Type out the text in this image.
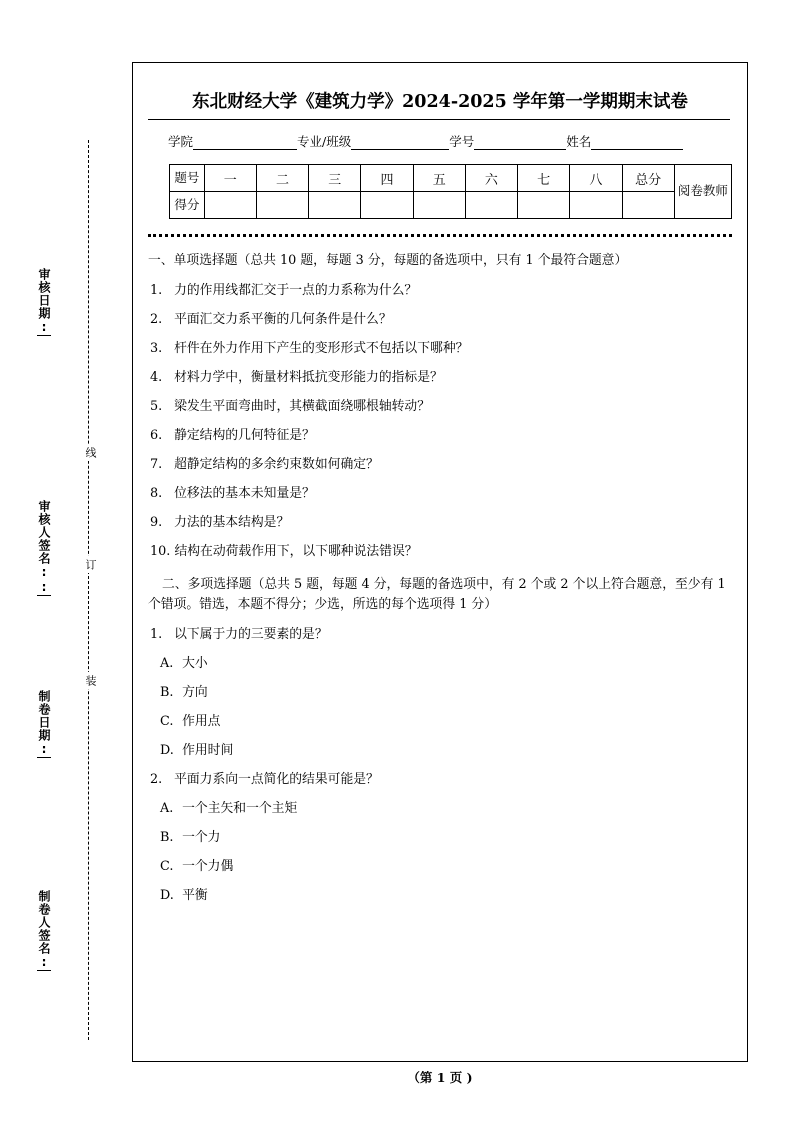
审核日期:
审核人签名::
制卷日期:
制卷人签名:
线
订
装
东北财经大学《建筑力学》2024‑2025 学年第一学期期末试卷
学院	专业/班级	学号	姓名
题号	一	二	三	四	五	六	七	八	总分	阅卷教师
得分										
一、单项选择题（总共 10 题，每题 3 分，每题的备选项中，只有 1 个最符合题意）
1. 力的作用线都汇交于一点的力系称为什么？
2. 平面汇交力系平衡的几何条件是什么？
3. 杆件在外力作用下产生的变形形式不包括以下哪种？
4. 材料力学中，衡量材料抵抗变形能力的指标是？
5. 梁发生平面弯曲时，其横截面绕哪根轴转动？
6. 静定结构的几何特征是？
7. 超静定结构的多余约束数如何确定？
8. 位移法的基本未知量是？
9. 力法的基本结构是？
10. 结构在动荷载作用下，以下哪种说法错误？
二、多项选择题（总共 5 题，每题 4 分，每题的备选项中，有 2 个或 2 个以上符合题意，至少有 1 个错项。错选，本题不得分；少选，所选的每个选项得 1 分）
1. 以下属于力的三要素的是？
A. 大小
B. 方向
C. 作用点
D. 作用时间
2. 平面力系向一点简化的结果可能是？
A. 一个主矢和一个主矩
B. 一个力
C. 一个力偶
D. 平衡
（第 1 页 )
